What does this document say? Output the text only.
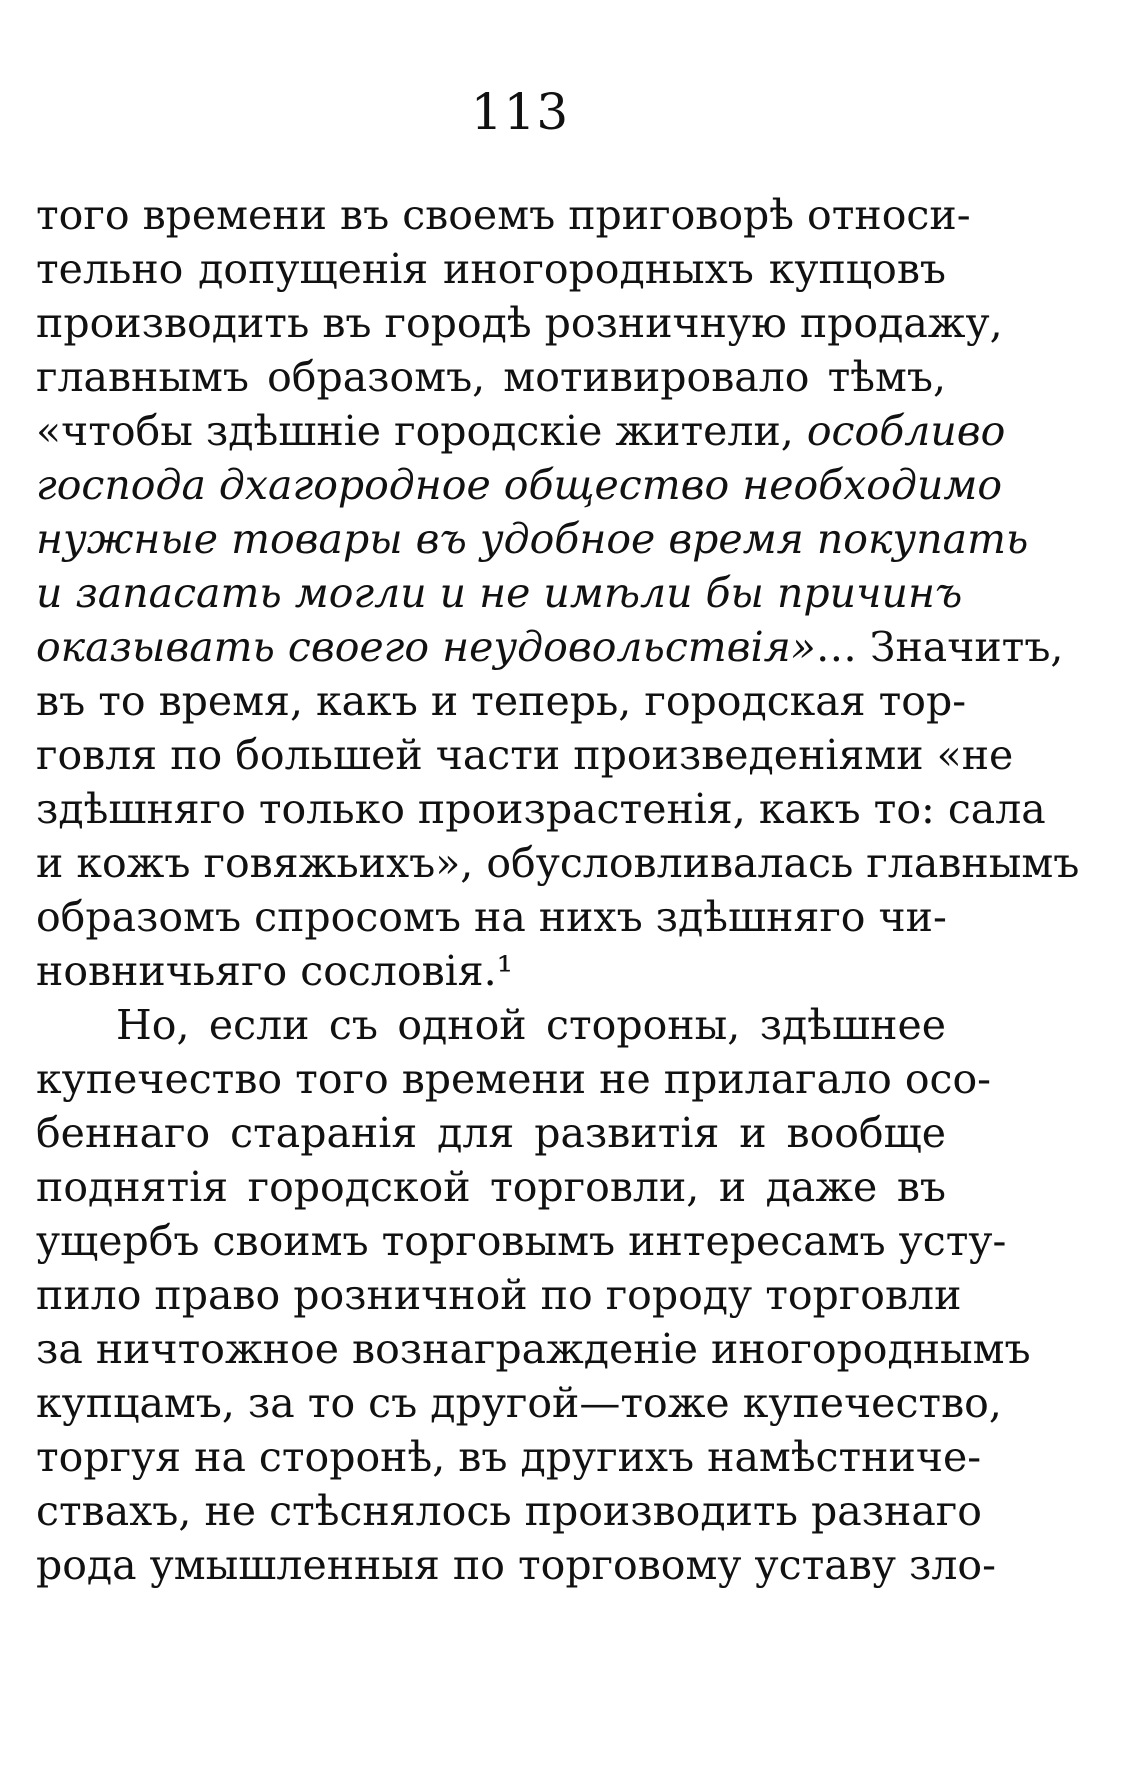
113
того времени въ своемъ приговорѣ относи-
тельно допущенія иногородныхъ купцовъ
производить въ городѣ розничную продажу,
главнымъ образомъ, мотивировало тѣмъ,
«чтобы здѣшніе городскіе жители, особливо
господа дхагородное общество необходимо
нужные товары въ удобное время покупать
и запасать могли и не имѣли бы причинъ
оказывать своего неудовольствія»… Значитъ,
въ то время, какъ и теперь, городская тор-
говля по большей части произведеніями «не
здѣшняго только произрастенія, какъ то: сала
и кожъ говяжьихъ», обусловливалась главнымъ
образомъ спросомъ на нихъ здѣшняго чи-
новничьяго сословія.¹
Но, если съ одной стороны, здѣшнее
купечество того времени не прилагало осо-
беннаго старанія для развитія и вообще
поднятія городской торговли, и даже въ
ущербъ своимъ торговымъ интересамъ усту-
пило право розничной по городу торговли
за ничтожное вознагражденіе иногороднымъ
купцамъ, за то съ другой—тоже купечество,
торгуя на сторонѣ, въ другихъ намѣстниче-
ствахъ, не стѣснялось производить разнаго
рода умышленныя по торговому уставу зло-
